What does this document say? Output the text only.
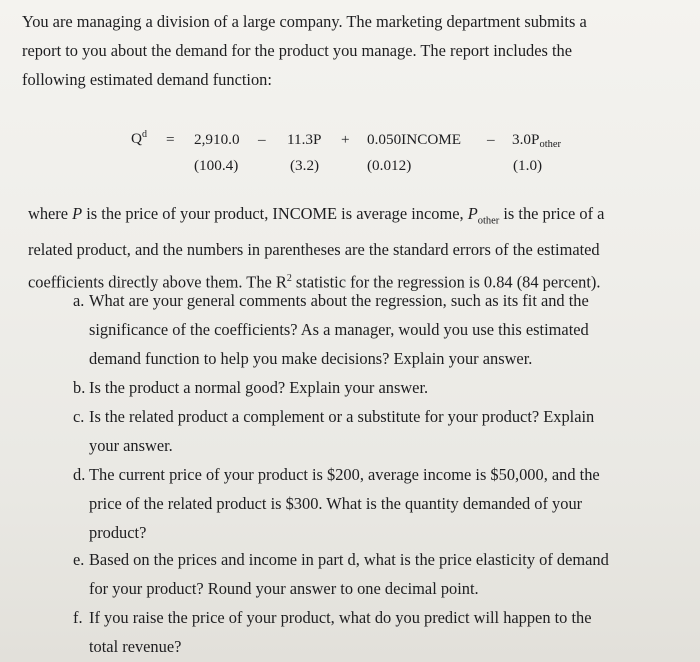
You are managing a division of a large company. The marketing department submits a
report to you about the demand for the product you manage. The report includes the
following estimated demand function:

$Q^d = 2,910.0 - 11.3P$ + 0.050INCOME – $3.0P_{other}$
(100.4)	(3.2)	(0.012)	(1.0)

where P is the price of your product, INCOME is average income, $P_{other}$ is the price of a
related product, and the numbers in parentheses are the standard errors of the estimated
coefficients directly above them. The $R^2$ statistic for the regression is 0.84 (84 percent).

a. What are your general comments about the regression, such as its fit and the
significance of the coefficients? As a manager, would you use this estimated
demand function to help you make decisions? Explain your answer.
b. Is the product a normal good? Explain your answer.
c. Is the related product a complement or a substitute for your product? Explain
your answer.
d. The current price of your product is $200, average income is $50,000, and the
price of the related product is $300. What is the quantity demanded of your
product?
e. Based on the prices and income in part d, what is the price elasticity of demand
for your product? Round your answer to one decimal point.
f. If you raise the price of your product, what do you predict will happen to the
total revenue?
